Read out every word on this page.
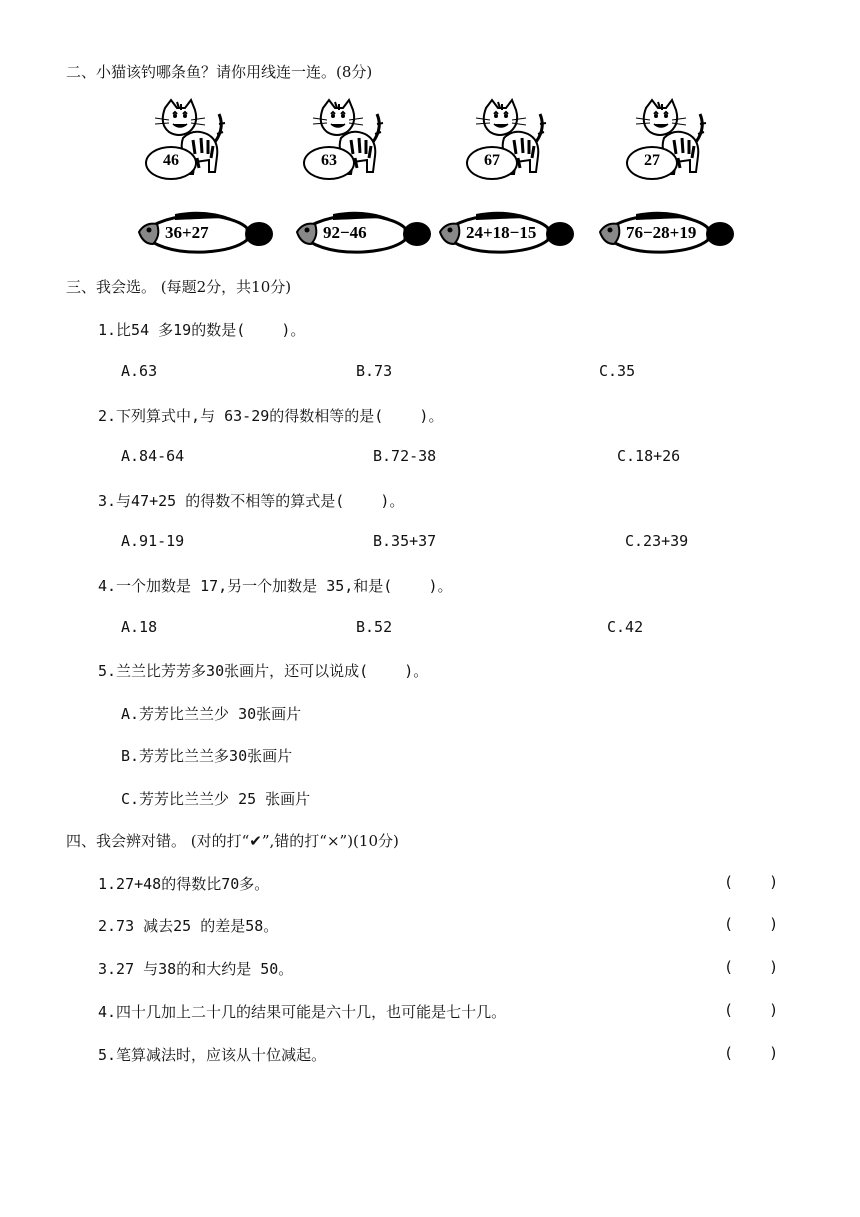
二、小猫该钓哪条鱼？请你用线连一连。(8分)
46	63	67	27
36+27	92−46	24+18−15	76−28+19
三、我会选。 (每题2分，共10分)
1.比54 多19的数是(    )。
A.63	B.73	C.35
2.下列算式中,与 63-29的得数相等的是(    )。
A.84-64	B.72-38	C.18+26
3.与47+25 的得数不相等的算式是(    )。
A.91-19	B.35+37	C.23+39
4.一个加数是 17,另一个加数是 35,和是(    )。
A.18	B.52	C.42
5.兰兰比芳芳多30张画片，还可以说成(    )。
A.芳芳比兰兰少 30张画片
B.芳芳比兰兰多30张画片
C.芳芳比兰兰少 25 张画片
四、我会辨对错。 (对的打“✔”,错的打“×”)(10分)
1.27+48的得数比70多。	(    )
2.73 减去25 的差是58。	(    )
3.27 与38的和大约是 50。	(    )
4.四十几加上二十几的结果可能是六十几，也可能是七十几。	(    )
5.笔算减法时，应该从十位减起。	(    )
